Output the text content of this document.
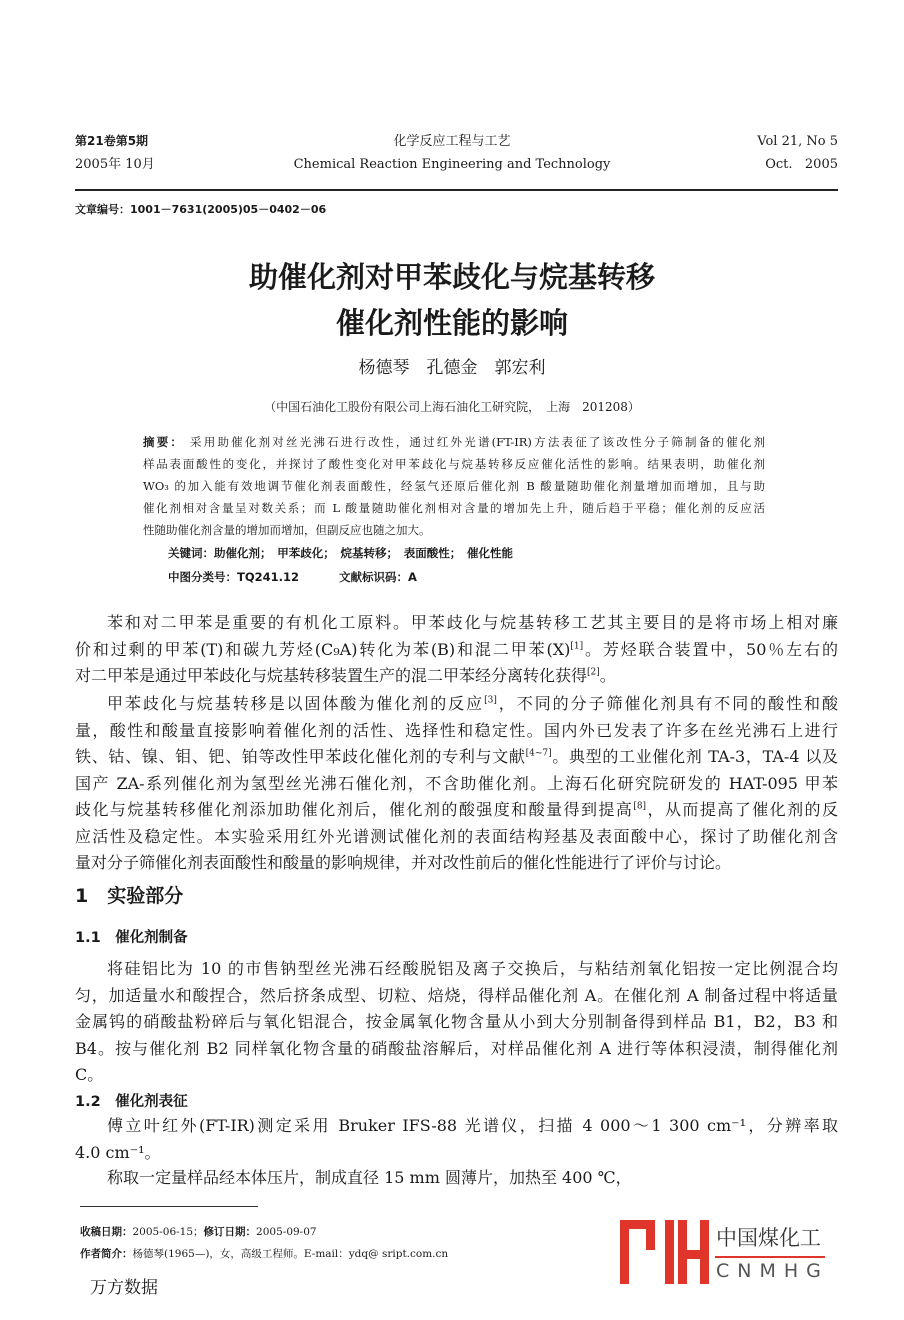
第21卷第5期
2005年 10月
化学反应工程与工艺
Chemical Reaction Engineering and Technology
Vol 21, No 5
Oct.   2005
文章编号：1001－7631(2005)05－0402－06
助催化剂对甲苯歧化与烷基转移
催化剂性能的影响
杨德琴　孔德金　郭宏利
（中国石油化工股份有限公司上海石油化工研究院，　上海　201208）
摘要： 采用助催化剂对丝光沸石进行改性，通过红外光谱(FT-IR)方法表征了该改性分子筛制备的催化剂
样品表面酸性的变化，并探讨了酸性变化对甲苯歧化与烷基转移反应催化活性的影响。结果表明，助催化剂
WO₃ 的加入能有效地调节催化剂表面酸性，经氢气还原后催化剂 B 酸量随助催化剂量增加而增加，且与助
催化剂相对含量呈对数关系；而 L 酸量随助催化剂相对含量的增加先上升，随后趋于平稳；催化剂的反应活
性随助催化剂含量的增加而增加，但副反应也随之加大。
关键词：助催化剂；　甲苯歧化；　烷基转移；　表面酸性；　催化性能
中图分类号：TQ241.12	文献标识码：A
苯和对二甲苯是重要的有机化工原料。甲苯歧化与烷基转移工艺其主要目的是将市场上相对廉
价和过剩的甲苯(T)和碳九芳烃(C₉A)转化为苯(B)和混二甲苯(X)[1]。芳烃联合装置中，50％左右的
对二甲苯是通过甲苯歧化与烷基转移装置生产的混二甲苯经分离转化获得[2]。
甲苯歧化与烷基转移是以固体酸为催化剂的反应[3]，不同的分子筛催化剂具有不同的酸性和酸
量，酸性和酸量直接影响着催化剂的活性、选择性和稳定性。国内外已发表了许多在丝光沸石上进行
铁、钴、镍、钼、钯、铂等改性甲苯歧化催化剂的专利与文献[4~7]。典型的工业催化剂 TA-3，TA-4 以及
国产 ZA-系列催化剂为氢型丝光沸石催化剂，不含助催化剂。上海石化研究院研发的 HAT-095 甲苯
歧化与烷基转移催化剂添加助催化剂后，催化剂的酸强度和酸量得到提高[8]，从而提高了催化剂的反
应活性及稳定性。本实验采用红外光谱测试催化剂的表面结构羟基及表面酸中心，探讨了助催化剂含
量对分子筛催化剂表面酸性和酸量的影响规律，并对改性前后的催化性能进行了评价与讨论。
1　实验部分
1.1　催化剂制备
将硅铝比为 10 的市售钠型丝光沸石经酸脱铝及离子交换后，与粘结剂氧化铝按一定比例混合均
匀，加适量水和酸捏合，然后挤条成型、切粒、焙烧，得样品催化剂 A。在催化剂 A 制备过程中将适量
金属钨的硝酸盐粉碎后与氧化铝混合，按金属氧化物含量从小到大分别制备得到样品 B1，B2，B3 和
B4。按与催化剂 B2 同样氧化物含量的硝酸盐溶解后，对样品催化剂 A 进行等体积浸渍，制得催化剂
C。
1.2　催化剂表征
傅立叶红外(FT-IR)测定采用 Bruker IFS-88 光谱仪，扫描 4 000～1 300 cm⁻¹，分辨率取
4.0 cm⁻¹。
称取一定量样品经本体压片，制成直径 15 mm 圆薄片，加热至 400 ℃，
收稿日期：2005-06-15；修订日期：2005-09-07
作者简介：杨德琴(1965—)，女，高级工程师。E-mail：ydq@ sript.com.cn
万方数据
中国煤化工
CNMHG
